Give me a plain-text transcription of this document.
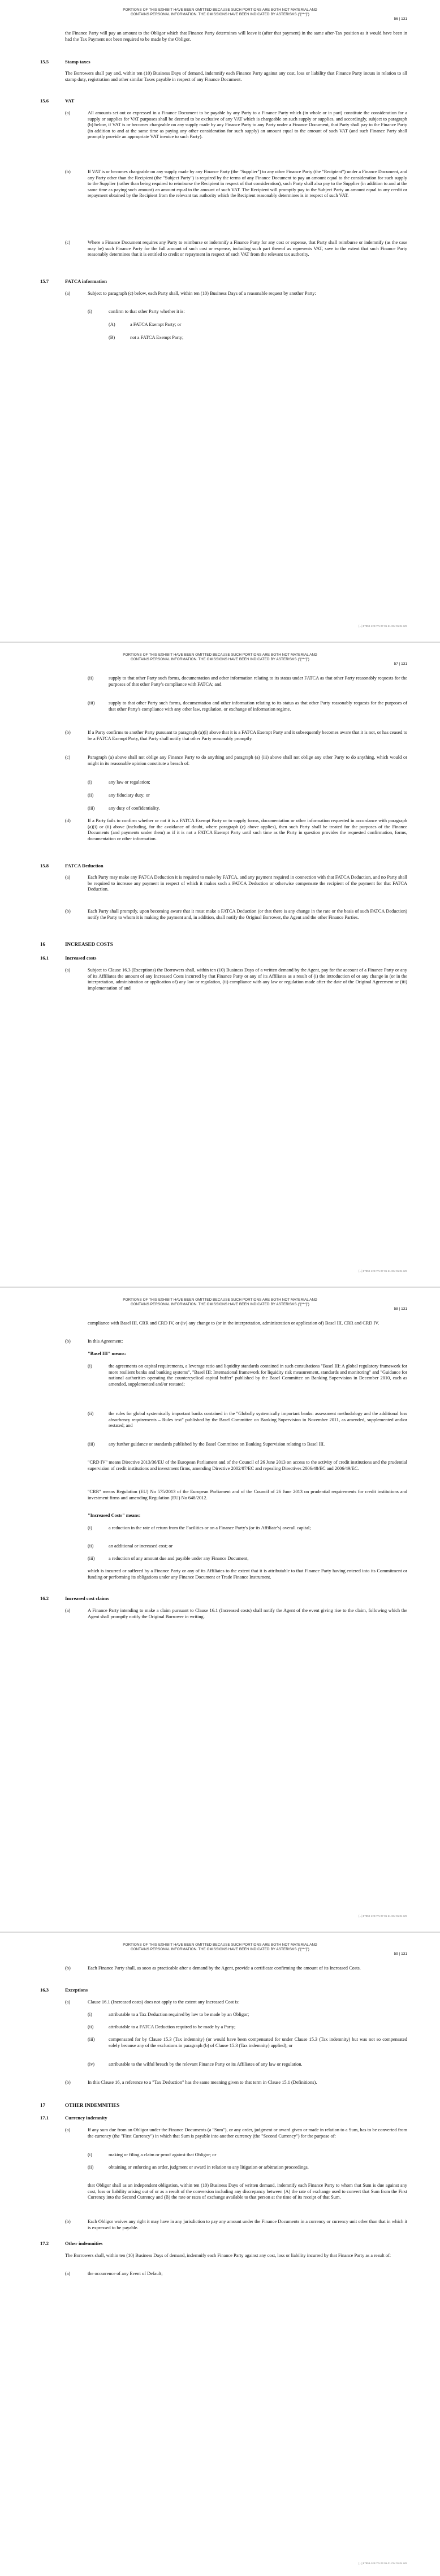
PORTIONS OF THIS EXHIBIT HAVE BEEN OMITTED BECAUSE SUCH PORTIONS ARE BOTH NOT MATERIAL AND
CONTAINS PERSONAL INFORMATION. THE OMISSIONS HAVE BEEN INDICATED BY ASTERISKS ("[***]")
56 | 131
the Finance Party will pay an amount to the Obligor which that Finance Party determines will leave it (after that payment) in the same after-Tax position as it would have been in had the Tax Payment not been required to be made by the Obligor.
15.5	Stamp taxes
The Borrowers shall pay and, within ten (10) Business Days of demand, indemnify each Finance Party against any cost, loss or liability that Finance Party incurs in relation to all stamp duty, registration and other similar Taxes payable in respect of any Finance Document.
15.6	VAT
(a)	All amounts set out or expressed in a Finance Document to be payable by any Party to a Finance Party which (in whole or in part) constitute the consideration for a supply or supplies for VAT purposes shall be deemed to be exclusive of any VAT which is chargeable on such supply or supplies, and accordingly, subject to paragraph (b) below, if VAT is or becomes chargeable on any supply made by any Finance Party to any Party under a Finance Document, that Party shall pay to the Finance Party (in addition to and at the same time as paying any other consideration for such supply) an amount equal to the amount of such VAT (and such Finance Party shall promptly provide an appropriate VAT invoice to such Party).
(b)	If VAT is or becomes chargeable on any supply made by any Finance Party (the "Supplier") to any other Finance Party (the "Recipient") under a Finance Document, and any Party other than the Recipient (the "Subject Party") is required by the terms of any Finance Document to pay an amount equal to the consideration for such supply to the Supplier (rather than being required to reimburse the Recipient in respect of that consideration), such Party shall also pay to the Supplier (in addition to and at the same time as paying such amount) an amount equal to the amount of such VAT. The Recipient will promptly pay to the Subject Party an amount equal to any credit or repayment obtained by the Recipient from the relevant tax authority which the Recipient reasonably determines is in respect of such VAT.
(c)	Where a Finance Document requires any Party to reimburse or indemnify a Finance Party for any cost or expense, that Party shall reimburse or indemnify (as the case may be) such Finance Party for the full amount of such cost or expense, including such part thereof as represents VAT, save to the extent that such Finance Party reasonably determines that it is entitled to credit or repayment in respect of such VAT from the relevant tax authority.
15.7	FATCA information
(a)	Subject to paragraph (c) below, each Party shall, within ten (10) Business Days of a reasonable request by another Party:
(i)	confirm to that other Party whether it is:
(A)	a FATCA Exempt Party; or
(B)	not a FATCA Exempt Party;
[...] 87859-1v8 ITN 07-05-21 CM 01:04 WS
PORTIONS OF THIS EXHIBIT HAVE BEEN OMITTED BECAUSE SUCH PORTIONS ARE BOTH NOT MATERIAL AND
CONTAINS PERSONAL INFORMATION. THE OMISSIONS HAVE BEEN INDICATED BY ASTERISKS ("[***]")
57 | 131
(ii)	supply to that other Party such forms, documentation and other information relating to its status under FATCA as that other Party reasonably requests for the purposes of that other Party's compliance with FATCA; and
(iii)	supply to that other Party such forms, documentation and other information relating to its status as that other Party reasonably requests for the purposes of that other Party's compliance with any other law, regulation, or exchange of information regime.
(b)	If a Party confirms to another Party pursuant to paragraph (a)(i) above that it is a FATCA Exempt Party and it subsequently becomes aware that it is not, or has ceased to be a FATCA Exempt Party, that Party shall notify that other Party reasonably promptly.
(c)	Paragraph (a) above shall not oblige any Finance Party to do anything and paragraph (a) (iii) above shall not oblige any other Party to do anything, which would or might in its reasonable opinion constitute a breach of:
(i)	any law or regulation;
(ii)	any fiduciary duty; or
(iii)	any duty of confidentiality.
(d)	If a Party fails to confirm whether or not it is a FATCA Exempt Party or to supply forms, documentation or other information requested in accordance with paragraph (a)(i) or (ii) above (including, for the avoidance of doubt, where paragraph (c) above applies), then such Party shall be treated for the purposes of the Finance Documents (and payments under them) as if it is not a FATCA Exempt Party until such time as the Party in question provides the requested confirmation, forms, documentation or other information.
15.8	FATCA Deduction
(a)	Each Party may make any FATCA Deduction it is required to make by FATCA, and any payment required in connection with that FATCA Deduction, and no Party shall be required to increase any payment in respect of which it makes such a FATCA Deduction or otherwise compensate the recipient of the payment for that FATCA Deduction.
(b)	Each Party shall promptly, upon becoming aware that it must make a FATCA Deduction (or that there is any change in the rate or the basis of such FATCA Deduction) notify the Party to whom it is making the payment and, in addition, shall notify the Original Borrower, the Agent and the other Finance Parties.
16	INCREASED COSTS
16.1	Increased costs
(a)	Subject to Clause 16.3 (Exceptions) the Borrowers shall, within ten (10) Business Days of a written demand by the Agent, pay for the account of a Finance Party or any of its Affiliates the amount of any Increased Costs incurred by that Finance Party or any of its Affiliates as a result of (i) the introduction of or any change in (or in the interpretation, administration or application of) any law or regulation, (ii) compliance with any law or regulation made after the date of the Original Agreement or (iii) implementation of and
[...] 87859-1v8 ITN 07-05-21 CM 01:04 WS
PORTIONS OF THIS EXHIBIT HAVE BEEN OMITTED BECAUSE SUCH PORTIONS ARE BOTH NOT MATERIAL AND
CONTAINS PERSONAL INFORMATION. THE OMISSIONS HAVE BEEN INDICATED BY ASTERISKS ("[***]")
58 | 131
compliance with Basel III, CRR and CRD IV, or (iv) any change to (or in the interpretation, administration or application of) Basel III, CRR and CRD IV.
(b)	In this Agreement:
"Basel III" means:
(i)	the agreements on capital requirements, a leverage ratio and liquidity standards contained in such consultations "Basel III: A global regulatory framework for more resilient banks and banking systems", "Basel III: International framework for liquidity risk measurement, standards and monitoring" and "Guidance for national authorities operating the countercyclical capital buffer" published by the Basel Committee on Banking Supervision in December 2010, each as amended, supplemented and/or restated;
(ii)	the rules for global systemically important banks contained in the "Globally systemically important banks: assessment methodology and the additional loss absorbency requirements – Rules text" published by the Basel Committee on Banking Supervision in November 2011, as amended, supplemented and/or restated; and
(iii)	any further guidance or standards published by the Basel Committee on Banking Supervision relating to Basel III.
"CRD IV" means Directive 2013/36/EU of the European Parliament and of the Council of 26 June 2013 on access to the activity of credit institutions and the prudential supervision of credit institutions and investment firms, amending Directive 2002/87/EC and repealing Directives 2006/48/EC and 2006/49/EC.
"CRR" means Regulation (EU) No 575/2013 of the European Parliament and of the Council of 26 June 2013 on prudential requirements for credit institutions and investment firms and amending Regulation (EU) No 648/2012.
"Increased Costs" means:
(i)	a reduction in the rate of return from the Facilities or on a Finance Party's (or its Affiliate's) overall capital;
(ii)	an additional or increased cost; or
(iii)	a reduction of any amount due and payable under any Finance Document,
which is incurred or suffered by a Finance Party or any of its Affiliates to the extent that it is attributable to that Finance Party having entered into its Commitment or funding or performing its obligations under any Finance Document or Trade Finance Instrument.
16.2	Increased cost claims
(a)	A Finance Party intending to make a claim pursuant to Clause 16.1 (Increased costs) shall notify the Agent of the event giving rise to the claim, following which the Agent shall promptly notify the Original Borrower in writing.
[...] 87859-1v8 ITN 07-05-21 CM 01:04 WS
PORTIONS OF THIS EXHIBIT HAVE BEEN OMITTED BECAUSE SUCH PORTIONS ARE BOTH NOT MATERIAL AND
CONTAINS PERSONAL INFORMATION. THE OMISSIONS HAVE BEEN INDICATED BY ASTERISKS ("[***]")
59 | 131
(b)	Each Finance Party shall, as soon as practicable after a demand by the Agent, provide a certificate confirming the amount of its Increased Costs.
16.3	Exceptions
(a)	Clause 16.1 (Increased costs) does not apply to the extent any Increased Cost is:
(i)	attributable to a Tax Deduction required by law to be made by an Obligor;
(ii)	attributable to a FATCA Deduction required to be made by a Party;
(iii)	compensated for by Clause 15.3 (Tax indemnity) (or would have been compensated for under Clause 15.3 (Tax indemnity) but was not so compensated solely because any of the exclusions in paragraph (b) of Clause 15.3 (Tax indemnity) applied); or
(iv)	attributable to the wilful breach by the relevant Finance Party or its Affiliates of any law or regulation.
(b)	In this Clause 16, a reference to a "Tax Deduction" has the same meaning given to that term in Clause 15.1 (Definitions).
17	OTHER INDEMNITIES
17.1	Currency indemnity
(a)	If any sum due from an Obligor under the Finance Documents (a "Sum"), or any order, judgment or award given or made in relation to a Sum, has to be converted from the currency (the "First Currency") in which that Sum is payable into another currency (the "Second Currency") for the purpose of:
(i)	making or filing a claim or proof against that Obligor; or
(ii)	obtaining or enforcing an order, judgment or award in relation to any litigation or arbitration proceedings,
that Obligor shall as an independent obligation, within ten (10) Business Days of written demand, indemnify each Finance Party to whom that Sum is due against any cost, loss or liability arising out of or as a result of the conversion including any discrepancy between (A) the rate of exchange used to convert that Sum from the First Currency into the Second Currency and (B) the rate or rates of exchange available to that person at the time of its receipt of that Sum.
(b)	Each Obligor waives any right it may have in any jurisdiction to pay any amount under the Finance Documents in a currency or currency unit other than that in which it is expressed to be payable.
17.2	Other indemnities
The Borrowers shall, within ten (10) Business Days of demand, indemnify each Finance Party against any cost, loss or liability incurred by that Finance Party as a result of:
(a)	the occurrence of any Event of Default;
[...] 87859-1v8 ITN 07-05-21 CM 01:04 WS
